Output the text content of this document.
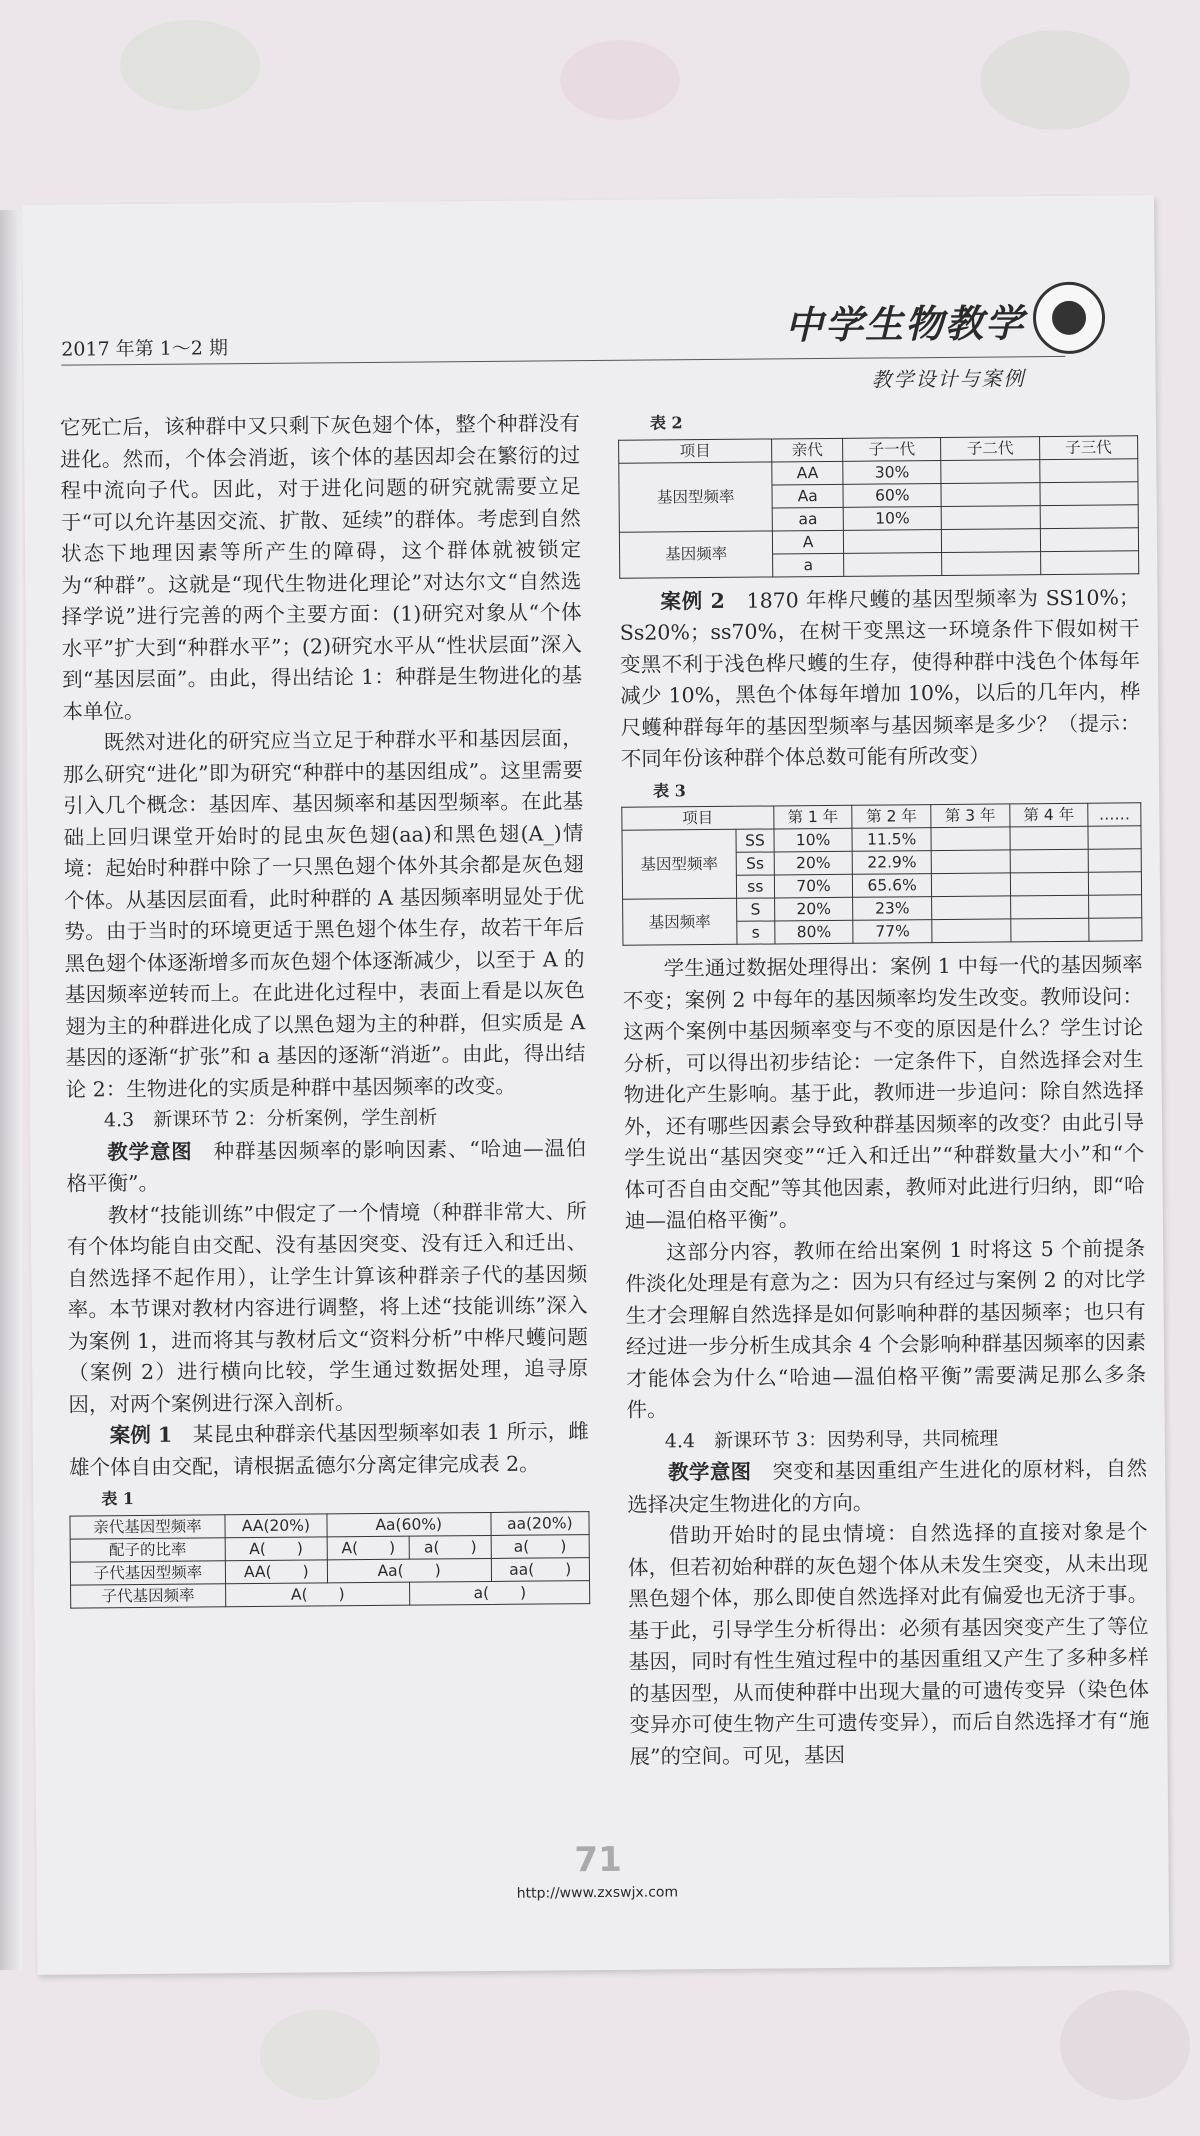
2017 年第 1～2 期
中学生物教学
教学设计与案例

它死亡后，该种群中又只剩下灰色翅个体，整个种群没有进化。然而，个体会消逝，该个体的基因却会在繁衍的过程中流向子代。因此，对于进化问题的研究就需要立足于“可以允许基因交流、扩散、延续”的群体。考虑到自然状态下地理因素等所产生的障碍，这个群体就被锁定为“种群”。这就是“现代生物进化理论”对达尔文“自然选择学说”进行完善的两个主要方面：(1)研究对象从“个体水平”扩大到“种群水平”；(2)研究水平从“性状层面”深入到“基因层面”。由此，得出结论 1：种群是生物进化的基本单位。

既然对进化的研究应当立足于种群水平和基因层面，那么研究“进化”即为研究“种群中的基因组成”。这里需要引入几个概念：基因库、基因频率和基因型频率。在此基础上回归课堂开始时的昆虫灰色翅(aa)和黑色翅(A_)情境：起始时种群中除了一只黑色翅个体外其余都是灰色翅个体。从基因层面看，此时种群的 A 基因频率明显处于优势。由于当时的环境更适于黑色翅个体生存，故若干年后黑色翅个体逐渐增多而灰色翅个体逐渐减少，以至于 A 的基因频率逆转而上。在此进化过程中，表面上看是以灰色翅为主的种群进化成了以黑色翅为主的种群，但实质是 A 基因的逐渐“扩张”和 a 基因的逐渐“消逝”。由此，得出结论 2：生物进化的实质是种群中基因频率的改变。

4.3　新课环节 2：分析案例，学生剖析

教学意图　 种群基因频率的影响因素、“哈迪—温伯格平衡”。

教材“技能训练”中假定了一个情境（种群非常大、所有个体均能自由交配、没有基因突变、没有迁入和迁出、自然选择不起作用），让学生计算该种群亲子代的基因频率。本节课对教材内容进行调整，将上述“技能训练”深入为案例 1，进而将其与教材后文“资料分析”中桦尺蠖问题（案例 2）进行横向比较，学生通过数据处理，追寻原因，对两个案例进行深入剖析。

案例 1　 某昆虫种群亲代基因型频率如表 1 所示，雌雄个体自由交配，请根据孟德尔分离定律完成表 2。

表 1

亲代基因型频率	AA(20%)	Aa(60%)		aa(20%)
配子的比率	A(　　)	A(　　)	a(　　)	a(　　)
子代基因型频率	AA(　　)	Aa(　　)		aa(　　)
子代基因频率	A(　　)		a(　　)	

表 2

项目	亲代	子一代	子二代	子三代
基因型频率	AA	30%		
	Aa	60%		
	aa	10%		
基因频率	A			
	a			

案例 2　 1870 年桦尺蠖的基因型频率为 SS10%；Ss20%；ss70%，在树干变黑这一环境条件下假如树干变黑不利于浅色桦尺蠖的生存，使得种群中浅色个体每年减少 10%，黑色个体每年增加 10%，以后的几年内，桦尺蠖种群每年的基因型频率与基因频率是多少？（提示：不同年份该种群个体总数可能有所改变）

表 3

项目		第 1 年	第 2 年	第 3 年	第 4 年	……
基因型频率	SS	10%	11.5%			
	Ss	20%	22.9%			
	ss	70%	65.6%			
基因频率	S	20%	23%			
	s	80%	77%			

学生通过数据处理得出：案例 1 中每一代的基因频率不变；案例 2 中每年的基因频率均发生改变。教师设问：这两个案例中基因频率变与不变的原因是什么？学生讨论分析，可以得出初步结论：一定条件下，自然选择会对生物进化产生影响。基于此，教师进一步追问：除自然选择外，还有哪些因素会导致种群基因频率的改变？由此引导学生说出“基因突变”“迁入和迁出”“种群数量大小”和“个体可否自由交配”等其他因素，教师对此进行归纳，即“哈迪—温伯格平衡”。

这部分内容，教师在给出案例 1 时将这 5 个前提条件淡化处理是有意为之：因为只有经过与案例 2 的对比学生才会理解自然选择是如何影响种群的基因频率；也只有经过进一步分析生成其余 4 个会影响种群基因频率的因素才能体会为什么“哈迪—温伯格平衡”需要满足那么多条件。

4.4　新课环节 3：因势利导，共同梳理

教学意图　 突变和基因重组产生进化的原材料，自然选择决定生物进化的方向。

借助开始时的昆虫情境：自然选择的直接对象是个体，但若初始种群的灰色翅个体从未发生突变，从未出现黑色翅个体，那么即使自然选择对此有偏爱也无济于事。基于此，引导学生分析得出：必须有基因突变产生了等位基因，同时有性生殖过程中的基因重组又产生了多种多样的基因型，从而使种群中出现大量的可遗传变异（染色体变异亦可使生物产生可遗传变异），而后自然选择才有“施展”的空间。可见，基因

71
http://www.zxswjx.com
